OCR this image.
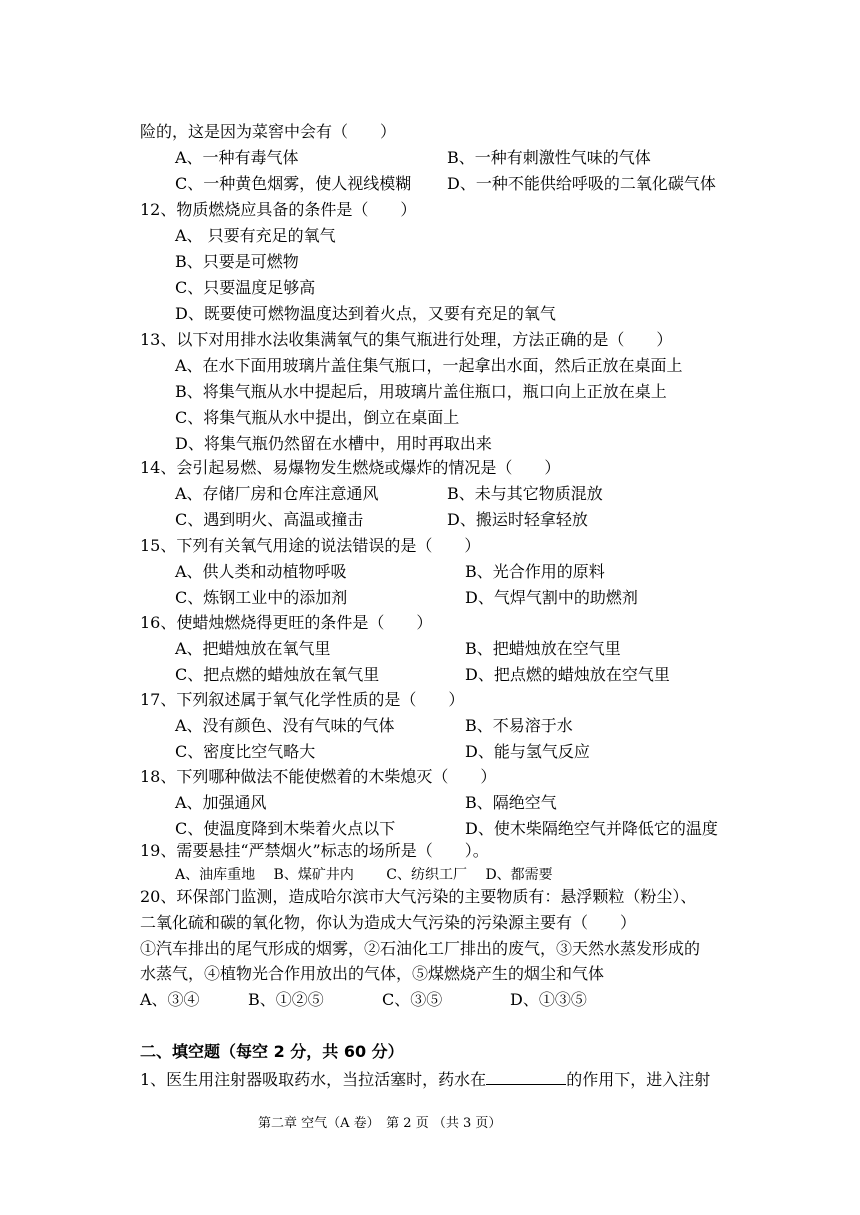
险的，这是因为菜窖中会有（　　）
A、一种有毒气体	B、一种有刺激性气味的气体
C、一种黄色烟雾，使人视线模糊 D、一种不能供给呼吸的二氧化碳气体
12、物质燃烧应具备的条件是（　　）
A、 只要有充足的氧气
B、只要是可燃物
C、只要温度足够高
D、既要使可燃物温度达到着火点，又要有充足的氧气
13、以下对用排水法收集满氧气的集气瓶进行处理，方法正确的是（　　）
A、在水下面用玻璃片盖住集气瓶口，一起拿出水面，然后正放在桌面上
B、将集气瓶从水中提起后，用玻璃片盖住瓶口，瓶口向上正放在桌上
C、将集气瓶从水中提出，倒立在桌面上
D、将集气瓶仍然留在水槽中，用时再取出来
14、会引起易燃、易爆物发生燃烧或爆炸的情况是（　　）
A、存储厂房和仓库注意通风	B、未与其它物质混放
C、遇到明火、高温或撞击	D、搬运时轻拿轻放
15、下列有关氧气用途的说法错误的是（　　）
A、供人类和动植物呼吸	B、光合作用的原料
C、炼钢工业中的添加剂	D、气焊气割中的助燃剂
16、使蜡烛燃烧得更旺的条件是（　　）
A、把蜡烛放在氧气里	B、把蜡烛放在空气里
C、把点燃的蜡烛放在氧气里	D、把点燃的蜡烛放在空气里
17、下列叙述属于氧气化学性质的是（　　）
A、没有颜色、没有气味的气体	B、不易溶于水
C、密度比空气略大	D、能与氢气反应
18、下列哪种做法不能使燃着的木柴熄灭（　　）
A、加强通风	B、隔绝空气
C、使温度降到木柴着火点以下	D、使木柴隔绝空气并降低它的温度
19、需要悬挂“严禁烟火”标志的场所是（　　）。
A、油库重地　 B、煤矿井内　　 C、纺织工厂　 D、都需要
20、环保部门监测，造成哈尔滨市大气污染的主要物质有：悬浮颗粒（粉尘）、
二氧化硫和碳的氧化物，你认为造成大气污染的污染源主要有（　　）
①汽车排出的尾气形成的烟雾，②石油化工厂排出的废气，③天然水蒸发形成的
水蒸气，④植物光合作用放出的气体，⑤煤燃烧产生的烟尘和气体
A、③④	B、①②⑤	C、③⑤	D、①③⑤
二、填空题（每空 2 分，共 60 分）
1、医生用注射器吸取药水，当拉活塞时，药水在	的作用下，进入注射
第二章 空气（A 卷）　第 2 页 （共 3 页）
